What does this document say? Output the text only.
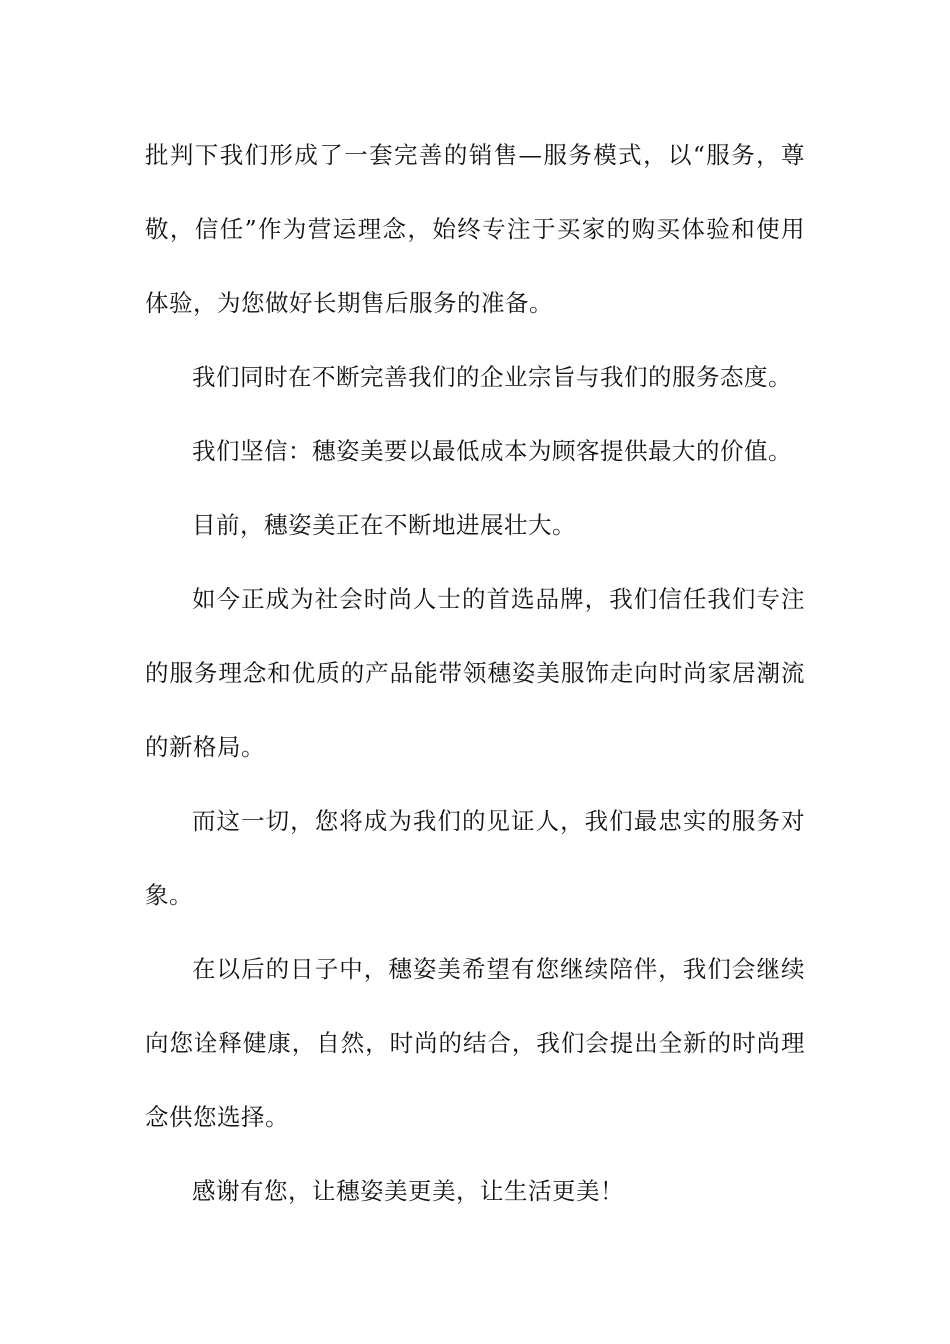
批判下我们形成了一套完善的销售—服务模式，以“服务，尊敬，信任”作为营运理念，始终专注于买家的购买体验和使用体验，为您做好长期售后服务的准备。

我们同时在不断完善我们的企业宗旨与我们的服务态度。

我们坚信：穗姿美要以最低成本为顾客提供最大的价值。

目前，穗姿美正在不断地进展壮大。

如今正成为社会时尚人士的首选品牌，我们信任我们专注的服务理念和优质的产品能带领穗姿美服饰走向时尚家居潮流的新格局。

而这一切，您将成为我们的见证人，我们最忠实的服务对象。

在以后的日子中，穗姿美希望有您继续陪伴，我们会继续向您诠释健康，自然，时尚的结合，我们会提出全新的时尚理念供您选择。

感谢有您，让穗姿美更美，让生活更美！
